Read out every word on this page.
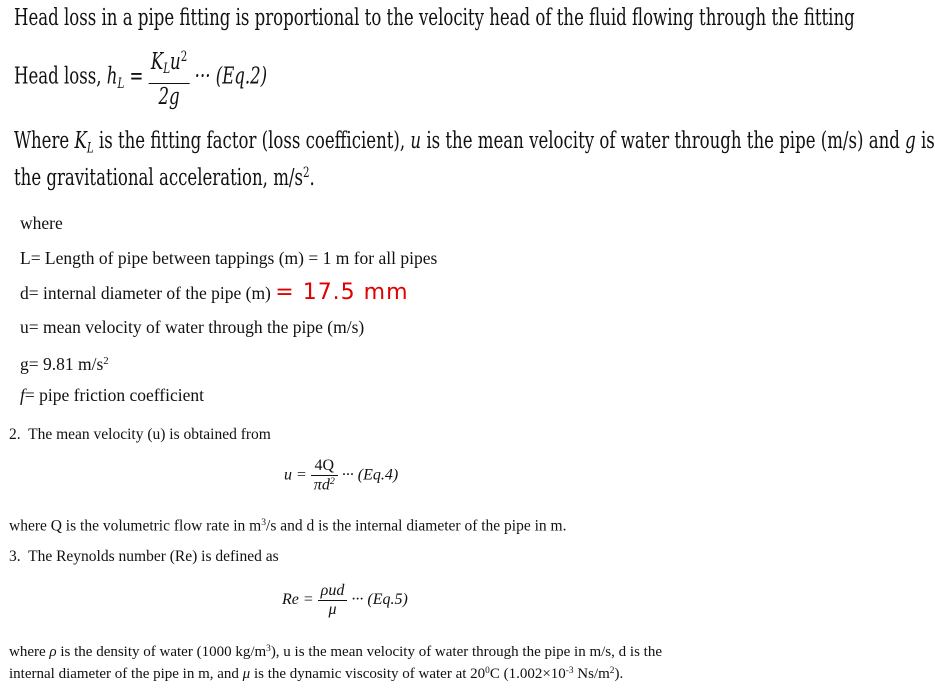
Head loss in a pipe fitting is proportional to the velocity head of the fluid flowing through the fitting
Head loss, $h_L = \frac{K_Lu^2}{2g}$ ··· (Eq.2)
Where $K_L$ is the fitting factor (loss coefficient), u is the mean velocity of water through the pipe (m/s) and g is
the gravitational acceleration, $m/s^2$.
where
L= Length of pipe between tappings (m) = 1 m for all pipes
d= internal diameter of the pipe (m) = 17.5 mm
u= mean velocity of water through the pipe (m/s)
g= 9.81 $m/s^2$
f= pipe friction coefficient
2. The mean velocity (u) is obtained from
$u = \frac{4Q}{\pi d^2}$ ··· (Eq.4)
where Q is the volumetric flow rate in $m^3/s$ and d is the internal diameter of the pipe in m.
3. The Reynolds number (Re) is defined as
$Re = \frac{\text{ρud}}{\mu}$ ··· (Eq.5)
where ρ is the density of water (1000 $kg/m^3$), u is the mean velocity of water through the pipe in m/s, d is the
internal diameter of the pipe in m, and μ is the dynamic viscosity of water at $20^0C$ ($1.002\times 10^{-3}$ $Ns/m^2$).
